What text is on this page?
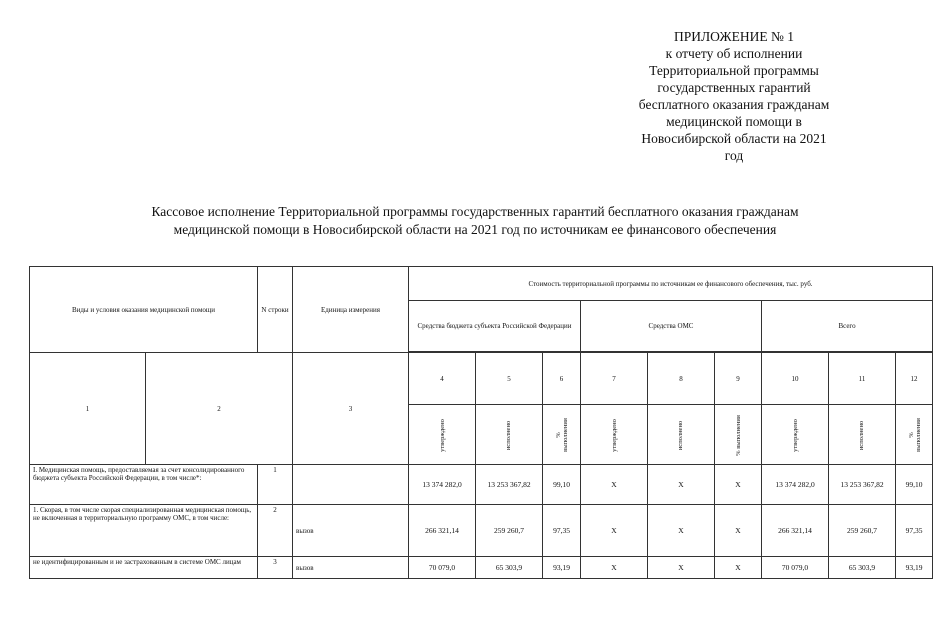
ПРИЛОЖЕНИЕ № 1
к отчету об исполнении
Территориальной программы
государственных гарантий
бесплатного оказания гражданам
медицинской помощи в
Новосибирской области на 2021
год
Кассовое исполнение Территориальной программы государственных гарантий бесплатного оказания гражданам
медицинской помощи в Новосибирской области на 2021 год по источникам ее финансового обеспечения
Виды и условия оказания медицинской помощи		N строки	Единица измерения	Стоимость территориальной программы по источникам ее финансового обеспечения, тыс. руб.								
				Средства бюджета субъекта Российской Федерации			Средства ОМС			Всего		

1	2		3	4	5	6	7	8	9	10	11	12
				утверждено	исполнено	% выполнения	утверждено	исполнено	% выполнения	утверждено	исполнено	% выполнения
I. Медицинская помощь, предоставляемая за счет консолидированного бюджета субъекта Российской Федерации, в том числе*:		1		13 374 282,0	13 253 367,82	99,10	X	X	X	13 374 282,0	13 253 367,82	99,10
1. Скорая, в том числе скорая специализированная медицинская помощь, не включенная в территориальную программу ОМС, в том числе:		2	вызов	266 321,14	259 260,7	97,35	X	X	X	266 321,14	259 260,7	97,35
не идентифицированным и не застрахованным в системе ОМС лицам		3	вызов	70 079,0	65 303,9	93,19	X	X	X	70 079,0	65 303,9	93,19
